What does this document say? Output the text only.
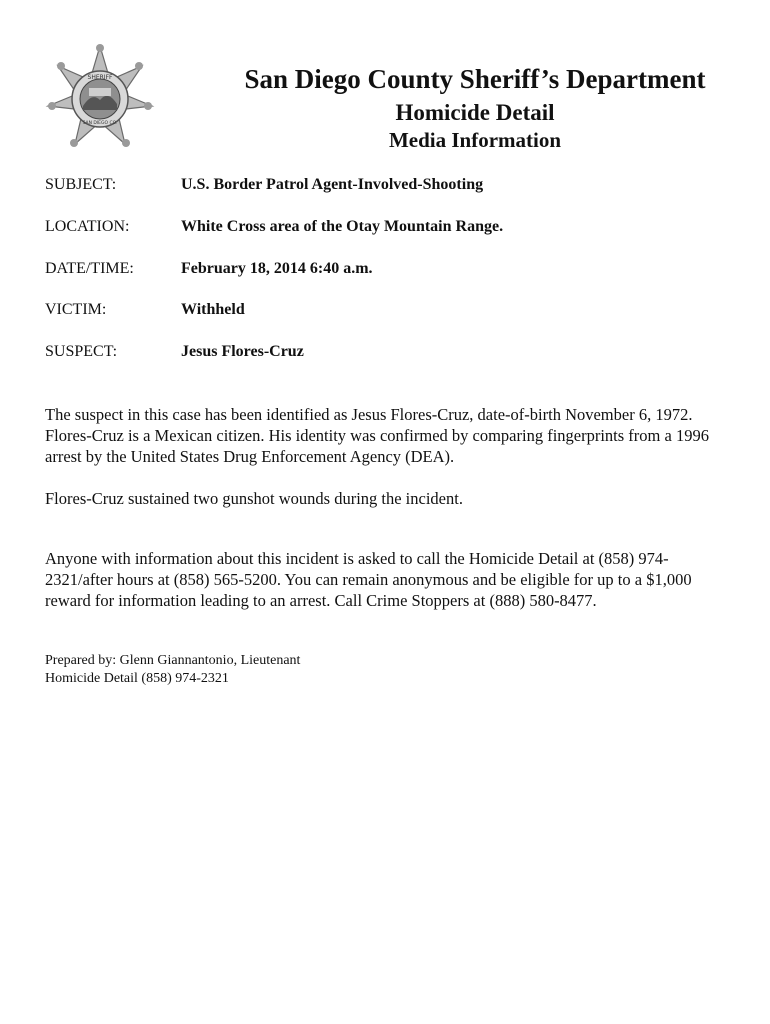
SHERIFF
SAN DIEGO CO.
San Diego County Sheriff’s Department
Homicide Detail
Media Information
SUBJECT:	U.S. Border Patrol Agent-Involved-Shooting
LOCATION:	White Cross area of the Otay Mountain Range.
DATE/TIME:	February 18, 2014 6:40 a.m.
VICTIM:	Withheld
SUSPECT:	Jesus Flores-Cruz
The suspect in this case has been identified as Jesus Flores-Cruz, date-of-birth November 6, 1972. Flores-Cruz is a Mexican citizen. His identity was confirmed by comparing fingerprints from a 1996 arrest by the United States Drug Enforcement Agency (DEA).
Flores-Cruz sustained two gunshot wounds during the incident.
Anyone with information about this incident is asked to call the Homicide Detail at (858) 974-2321/after hours at (858) 565-5200. You can remain anonymous and be eligible for up to a $1,000 reward for information leading to an arrest. Call Crime Stoppers at (888) 580-8477.
Prepared by: Glenn Giannantonio, Lieutenant
Homicide Detail (858) 974-2321
